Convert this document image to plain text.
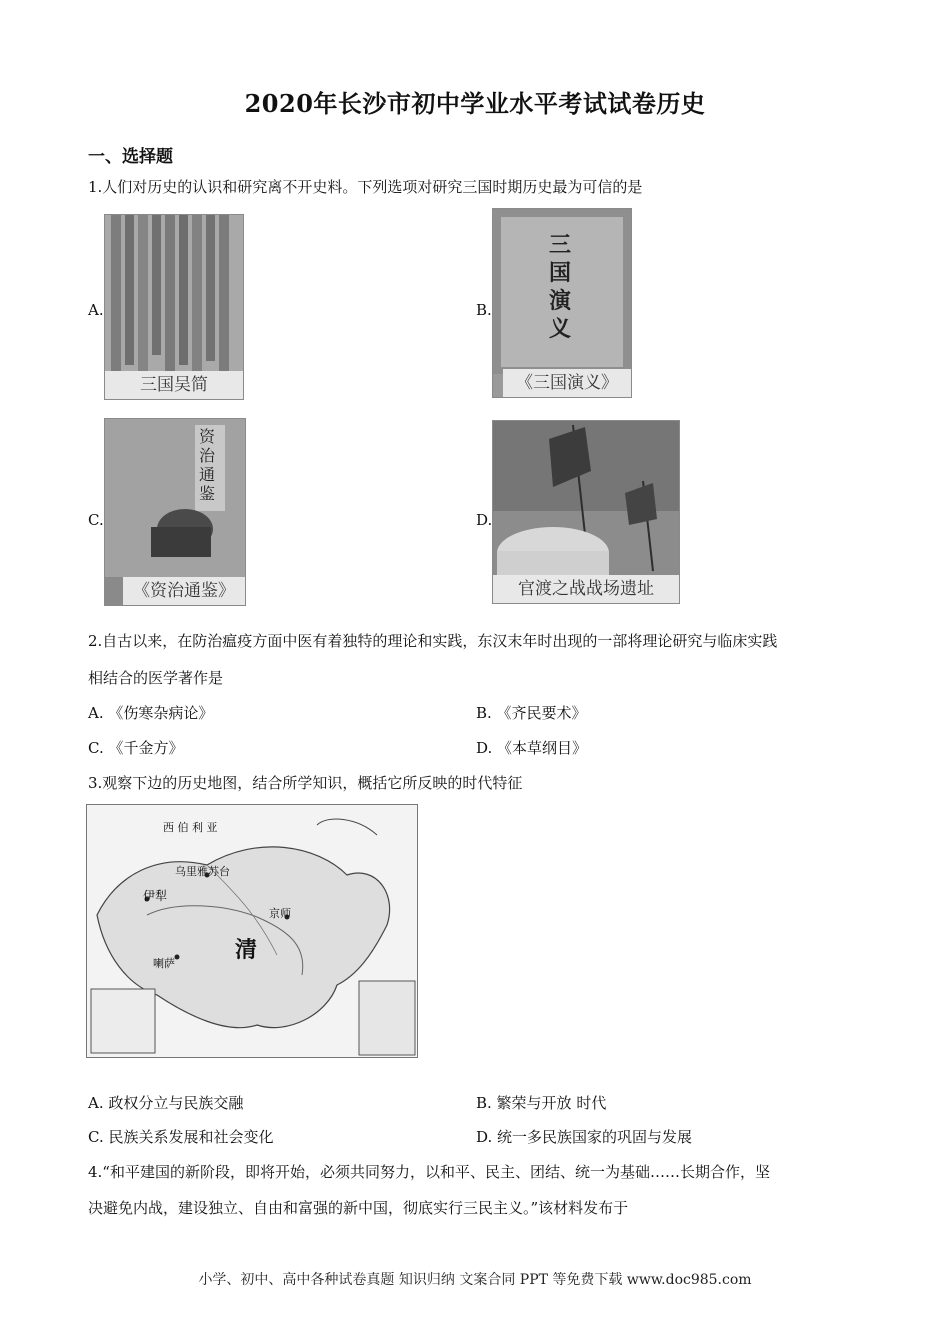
2020年长沙市初中学业水平考试试卷历史
一、选择题
1.人们对历史的认识和研究离不开史料。下列选项对研究三国时期历史最为可信的是
A.
三国吴简
B.
三国演义
《三国演义》
C.
资治通鉴
《资治通鉴》
D.
官渡之战战场遗址
2.自古以来，在防治瘟疫方面中医有着独特的理论和实践，东汉末年时出现的一部将理论研究与临床实践
相结合的医学著作是
A. 《伤寒杂病论》	B. 《齐民要术》
C. 《千金方》	D. 《本草纲目》
3.观察下边的历史地图，结合所学知识，概括它所反映的时代特征
西 伯 利 亚
乌里雅苏台
伊犁
京师
清
喇萨
A. 政权分立与民族交融	B. 繁荣与开放 时代
C. 民族关系发展和社会变化	D. 统一多民族国家的巩固与发展
4.“和平建国的新阶段，即将开始，必须共同努力，以和平、民主、团结、统一为基础……长期合作，坚
决避免内战，建设独立、自由和富强的新中国，彻底实行三民主义。”该材料发布于
小学、初中、高中各种试卷真题 知识归纳 文案合同 PPT 等免费下载 www.doc985.com
